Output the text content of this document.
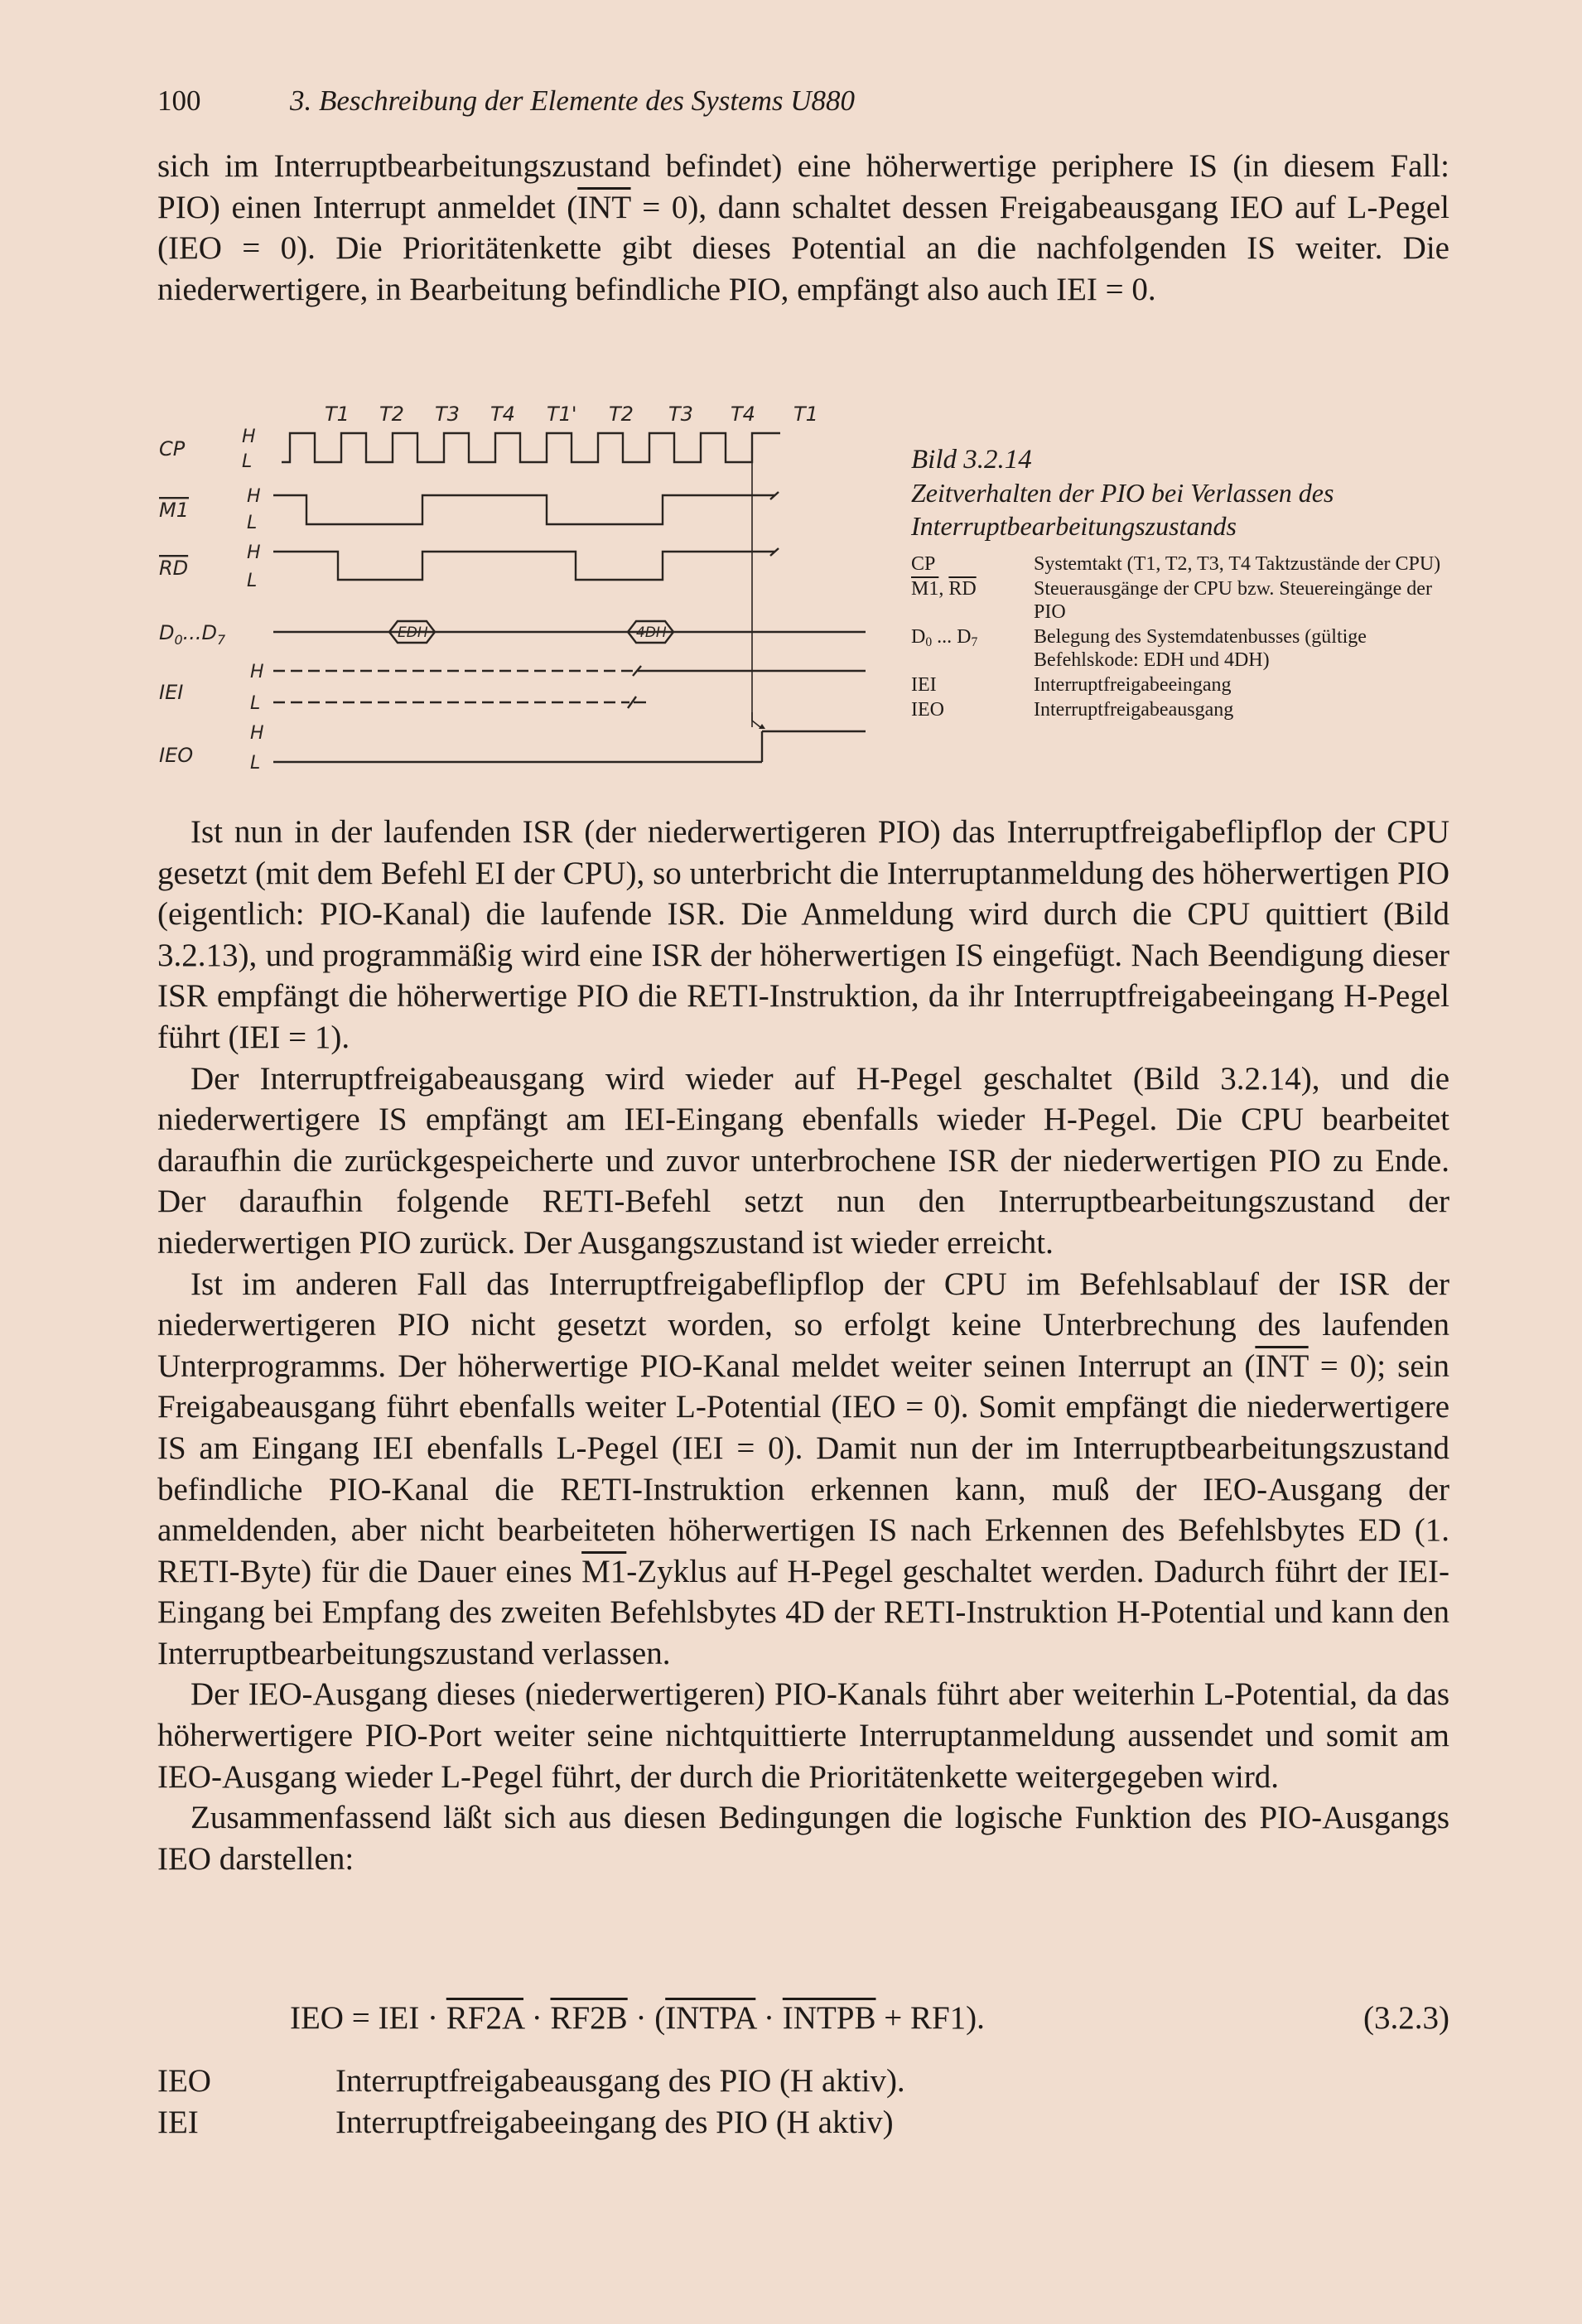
100	3. Beschreibung der Elemente des Systems U880

sich im Interruptbearbeitungszustand befindet) eine höherwertige periphere IS (in diesem Fall: PIO) einen Interrupt anmeldet $(\overline{INT} = 0)$, dann schaltet dessen Freigabeausgang IEO auf L-Pegel (IEO = 0). Die Prioritätenkette gibt dieses Potential an die nachfolgenden IS weiter. Die niederwertigere, in Bearbeitung befindliche PIO, empfängt also auch IEI = 0.

T1 T2 T3 T4 T1' T2 T3 T4 T1
CP
M1
RD
$D_0...D_7$
IEI
IEO
H
L
H
L
H
L
H
L
H
L
EDH	4DH
Bild 3.2.14
Zeitverhalten der PIO bei Verlassen des Interruptbearbeitungszustands
CP	Systemtakt (T1, T2, T3, T4 Taktzustände der CPU)
M1, $\overline{RD}$	Steuerausgänge der CPU bzw. Steuereingänge der PIO
$D_0$ ... $D_7$	Belegung des Systemdatenbusses (gültige Befehlskode: EDH und 4DH)
IEI	Interruptfreigabeeingang
IEO	Interruptfreigabeausgang

Ist nun in der laufenden ISR (der niederwertigeren PIO) das Interruptfreigabeflipflop der CPU gesetzt (mit dem Befehl EI der CPU), so unterbricht die Interruptanmeldung des höherwertigen PIO (eigentlich: PIO-Kanal) die laufende ISR. Die Anmeldung wird durch die CPU quittiert (Bild 3.2.13), und programmäßig wird eine ISR der höherwertigen IS eingefügt. Nach Beendigung dieser ISR empfängt die höherwertige PIO die RETI-Instruktion, da ihr Interruptfreigabeeingang H-Pegel führt (IEI = 1).

Der Interruptfreigabeausgang wird wieder auf H-Pegel geschaltet (Bild 3.2.14), und die niederwertigere IS empfängt am IEI-Eingang ebenfalls wieder H-Pegel. Die CPU bearbeitet daraufhin die zurückgespeicherte und zuvor unterbrochene ISR der niederwertigen PIO zu Ende. Der daraufhin folgende RETI-Befehl setzt nun den Interruptbearbeitungszustand der niederwertigen PIO zurück. Der Ausgangszustand ist wieder erreicht.

Ist im anderen Fall das Interruptfreigabeflipflop der CPU im Befehlsablauf der ISR der niederwertigeren PIO nicht gesetzt worden, so erfolgt keine Unterbrechung des laufenden Unterprogramms. Der höherwertige PIO-Kanal meldet weiter seinen Interrupt an $(\overline{INT} = 0)$; sein Freigabeausgang führt ebenfalls weiter L-Potential (IEO = 0). Somit empfängt die niederwertigere IS am Eingang IEI ebenfalls L-Pegel (IEI = 0). Damit nun der im Interruptbearbeitungszustand befindliche PIO-Kanal die RETI-Instruktion erkennen kann, muß der IEO-Ausgang der anmeldenden, aber nicht bearbeiteten höherwertigen IS nach Erkennen des Befehlsbytes ED (1. RETI-Byte) für die Dauer eines M1-Zyklus auf H-Pegel geschaltet werden. Dadurch führt der IEI-Eingang bei Empfang des zweiten Befehlsbytes 4D der RETI-Instruktion H-Potential und kann den Interruptbearbeitungszustand verlassen.

Der IEO-Ausgang dieses (niederwertigeren) PIO-Kanals führt aber weiterhin L-Potential, da das höherwertigere PIO-Port weiter seine nichtquittierte Interruptanmeldung aussendet und somit am IEO-Ausgang wieder L-Pegel führt, der durch die Prioritätenkette weitergegeben wird.

Zusammenfassend läßt sich aus diesen Bedingungen die logische Funktion des PIO-Ausgangs IEO darstellen:

IEO = IEI · RF2A · RF2B · (INTPA · INTPB + RF1).	(3.2.3)
IEO	Interruptfreigabeausgang des PIO (H aktiv).
IEI	Interruptfreigabeeingang des PIO (H aktiv)
